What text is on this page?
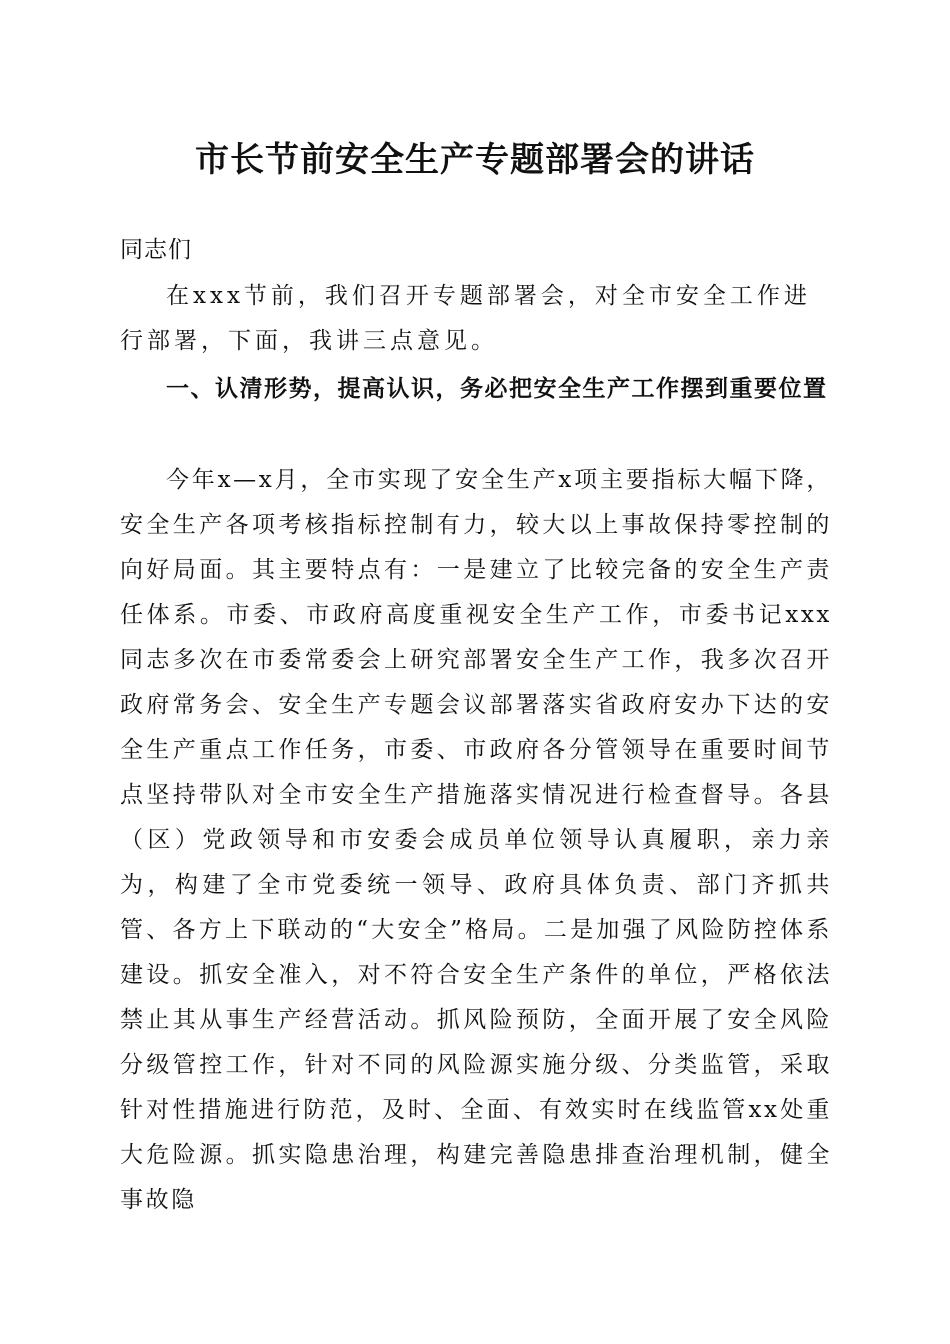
市长节前安全生产专题部署会的讲话
同志们

在xxx节前，我们召开专题部署会，对全市安全工作进行部署，下面，我讲三点意见。

一、认清形势，提高认识，务必把安全生产工作摆到重要位置

今年x—x月，全市实现了安全生产x项主要指标大幅下降，安全生产各项考核指标控制有力，较大以上事故保持零控制的向好局面。其主要特点有：一是建立了比较完备的安全生产责任体系。市委、市政府高度重视安全生产工作，市委书记xxx同志多次在市委常委会上研究部署安全生产工作，我多次召开政府常务会、安全生产专题会议部署落实省政府安办下达的安全生产重点工作任务，市委、市政府各分管领导在重要时间节点坚持带队对全市安全生产措施落实情况进行检查督导。各县（区）党政领导和市安委会成员单位领导认真履职，亲力亲为，构建了全市党委统一领导、政府具体负责、部门齐抓共管、各方上下联动的“大安全”格局。二是加强了风险防控体系建设。抓安全准入，对不符合安全生产条件的单位，严格依法禁止其从事生产经营活动。抓风险预防，全面开展了安全风险分级管控工作，针对不同的风险源实施分级、分类监管，采取针对性措施进行防范，及时、全面、有效实时在线监管xx处重大危险源。抓实隐患治理，构建完善隐患排查治理机制，健全事故隐
